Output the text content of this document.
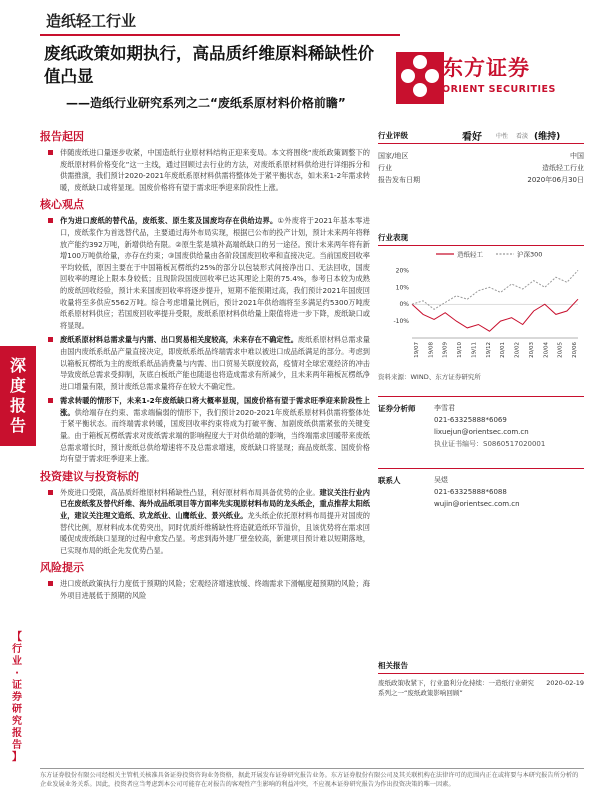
造纸轻工行业
废纸政策如期执行，高品质纤维原料稀缺性价值凸显
——造纸行业研究系列之二“废纸系原材料价格前瞻”
东方证券
ORIENT SECURITIES
深
度
报
告
【
行
业
·
证
券
研
究
报
告
】
报告起因
伴随废纸进口量逐步收紧，中国造纸行业原材料结构正迎来变局。本文将围绕“废纸政策调整下的废纸原材料价格变化”这一主线，通过回顾过去行业的方法，对废纸系原材料供给进行详细拆分和供需推演，我们预计2020-2021年废纸系原材料供需将整体处于紧平衡状态，如未来1-2年需求转暖，废纸缺口或将显现。国废价格将有望于需求旺季迎来阶段性上涨。
核心观点
作为进口废纸的替代品，废纸浆、原生浆及国废均存在供给边界。①外废将于2021年基本零进口，废纸浆作为首选替代品，主要通过海外布局实现，根据已公布的投产计划，预计未来两年将释放产能约392万吨，新增供给有限。②原生浆是填补高端纸缺口的另一途径。预计未来两年将有新增100万吨供给量，亦存在约束；③国废供给量由各阶段国废回收率和直接决定。当前国废回收率平均较低，原因主要在于中国箱板瓦楞纸约25%的部分以包装形式间接净出口、无法回收，国废回收率的理论上限本身较低；且现阶段国废回收率已达其理论上限的75.4%，参考日本较为成熟的废纸回收经验，预计未来国废回收率将逐步提升，短期不能预期过高，我们预计2021年国废回收量将至多供应5562万吨。综合考虑增量比例后，预计2021年供给端将至多满足约5300万吨废纸系原材料供应；若国废回收率提升受限，废纸系原材料供给量上限值将进一步下降，废纸缺口或将显现。
废纸系原材料总需求量与内需、出口贸易相关度较高，未来存在不确定性。废纸系原材料总需求量由国内废纸系纸品产量直接决定，即废纸系纸品终端需求中难以被进口成品纸满足的部分。考虑到以箱板瓦楞纸为主的废纸系纸品消费量与内需、出口贸易关联度较高，疫情对全球宏观经济的冲击导致废纸总需求受抑制，灰底白板纸产能也随退也将造成需求有所减少，且未来两年箱板瓦楞纸净进口增量有限，预计废纸总需求量将存在较大不确定性。
需求转暖的情形下，未来1-2年废纸缺口将大概率显现，国废价格有望于需求旺季迎来阶段性上涨。供给端存在约束、需求端偏弱的情形下，我们预计2020-2021年废纸系原材料供需将整体处于紧平衡状态。而终端需求转暖，国废回收率约束将成为打破平衡、加剧废纸供需紧张的关键变量。由于箱板瓦楞纸需求对废纸需求端的影响程度大于对供给端的影响，当终端需求回暖带来废纸总需求增长时，预计废纸总供给增速将不及总需求增速，废纸缺口将显现；商品废纸浆、国废价格均有望于需求旺季迎来上涨。
投资建议与投资标的
外废进口受限，高品质纤维原材料稀缺性凸显，利好原材料布局具备优势的企业。建议关注行业内已在废纸浆及替代纤维、海外成品纸项目等方面率先实现原材料布局的龙头纸企，重点推荐太阳纸业，建议关注理文造纸、玖龙纸业、山鹰纸业、景兴纸业。龙头纸企依托原材料布局提升对国废的替代比例，原材料成本优势突出，同时优质纤维稀缺性将造就造纸环节溢价，且该优势将在需求回暖促成废纸缺口显现的过程中愈发凸显。考虑到海外建厂壁垒较高，新建项目预计难以短期落地，已实现布局的纸企先发优势凸显。
风险提示
进口废纸政策执行力度低于预期的风险；宏观经济增速放缓、终端需求下滑幅度超预期的风险；海外项目进展低于预期的风险
行业评级	看好 中性 看淡 (维持)
国家/地区	中国
行业	造纸轻工行业
报告发布日期	2020年06月30日
行业表现
造纸轻工	沪深300
20%
10%
0%
-10%
19/07 19/08 19/09 19/10 19/11 19/12 20/01 20/02 20/03 20/04 20/05 20/06
资料来源：WIND、东方证券研究所
证券分析师	李雪君
021-63325888*6069
lixuejun@orientsec.com.cn
执业证书编号：S0860517020001
联系人	吴煜
021-63325888*6088
wujin@orientsec.com.cn
相关报告
废纸政策收紧下，行业盈利分化持续：一造纸行业研究系列之一“废纸政策影响回顾”
2020-02-19
东方证券股份有限公司经相关主管机关核准具备证券投资咨询业务资格，据此开展发布证券研究报告业务。东方证券股份有限公司及其关联机构在法律许可的范围内正在或将要与本研究报告所分析的企业发展业务关系。因此，投资者应当考虑到本公司可能存在对报告的客观性产生影响的利益冲突，不应视本证券研究报告为作出投资决策的唯一因素。
